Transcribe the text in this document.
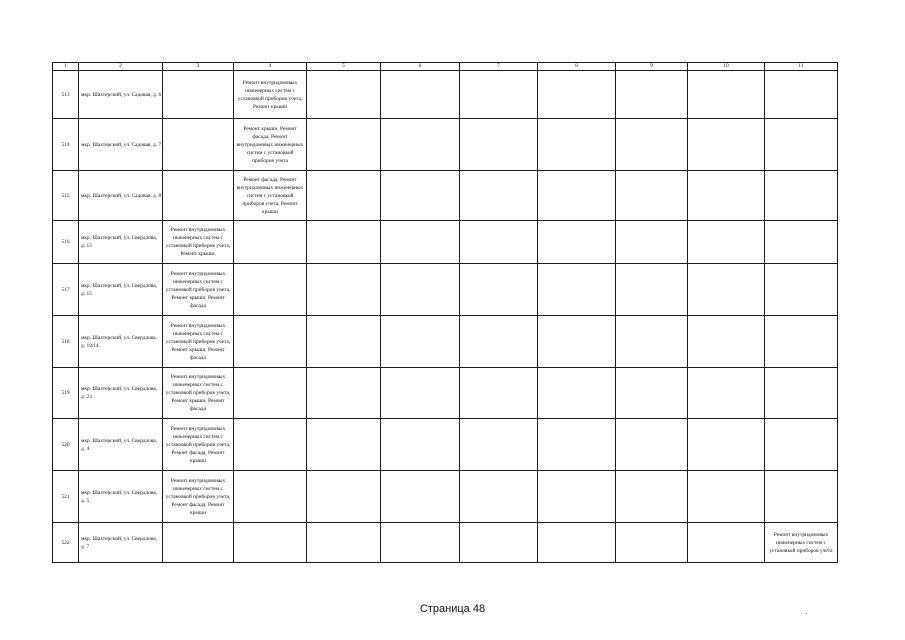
1	2	3	4	5	6	7	8	9	10	11
513	мкр. Шахтерский, ул. Садовая, д. 6		Ремонт внутридомовых инженерных систем с установкой приборов учета, Ремонт крыши							
514	мкр. Шахтерский, ул. Садовая, д. 7		Ремонт крыши, Ремонт фасада, Ремонт внутридомовых инженерных систем с установкой приборов учета							
515	мкр. Шахтерский, ул. Садовая, д. 8		Ремонт фасада, Ремонт внутридомовых инженерных систем с установкой приборов учета, Ремонт крыши							
516	мкр. Шахтерский, ул. Свердлова, д. 13	Ремонт внутридомовых инженерных систем с установкой приборов учета, Ремонт крыши,								
517	мкр. Шахтерский, ул. Свердлова, д. 15	Ремонт внутридомовых инженерных систем с установкой приборов учета, Ремонт крыши, Ремонт фасада								
518	мкр. Шахтерский, ул. Свердлова, д. 19/14	Ремонт внутридомовых инженерных систем с установкой приборов учета, Ремонт крыши, Ремонт фасада								
519	мкр. Шахтерский, ул. Свердлова, д. 23	Ремонт внутридомовых инженерных систем с установкой приборов учета, Ремонт крыши, Ремонт фасада								
520	мкр. Шахтерский, ул. Свердлова, д. 4	Ремонт внутридомовых инженерных систем с установкой приборов учета, Ремонт фасада, Ремонт крыши								
521	мкр. Шахтерский, ул. Свердлова, д. 5	Ремонт внутридомовых инженерных систем с установкой приборов учета, Ремонт фасада, Ремонт крыши								
522	мкр. Шахтерский, ул. Свердлова, д. 7									Ремонт внутридомовых инженерных систем с установкой приборов учета
Страница 48	.
